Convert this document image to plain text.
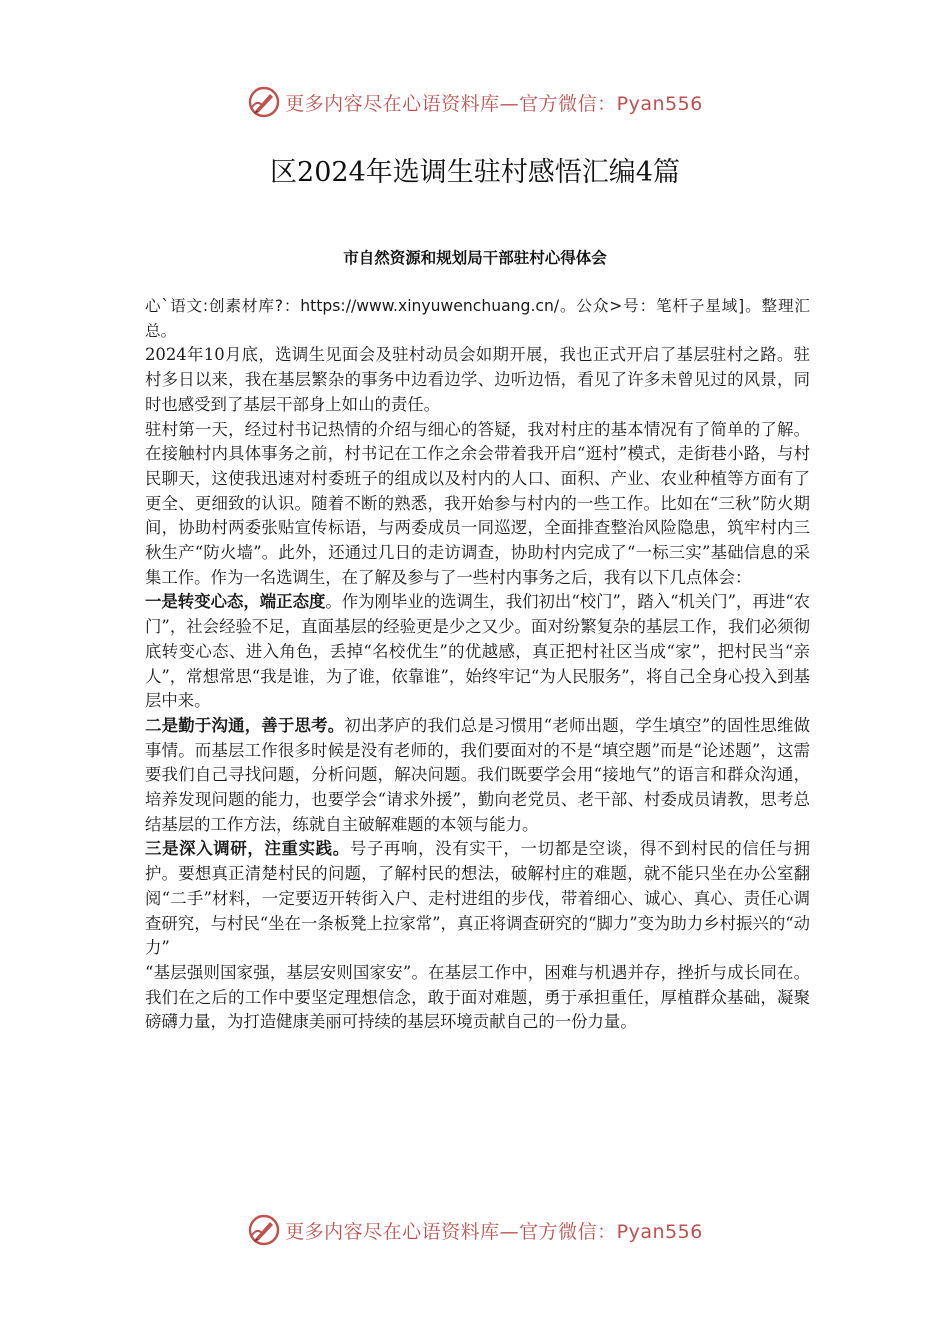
更多内容尽在心语资料库—官方微信：Pyan556
区2024年选调生驻村感悟汇编4篇
市自然资源和规划局干部驻村心得体会

心`语文:创素材库?：https://www.xinyuwenchuang.cn/。公众>号：笔杆子星域]。整理汇总。

2024年10月底，选调生见面会及驻村动员会如期开展，我也正式开启了基层驻村之路。驻村多日以来，我在基层繁杂的事务中边看边学、边听边悟，看见了许多未曾见过的风景，同时也感受到了基层干部身上如山的责任。

驻村第一天，经过村书记热情的介绍与细心的答疑，我对村庄的基本情况有了简单的了解。在接触村内具体事务之前，村书记在工作之余会带着我开启“逛村”模式，走街巷小路，与村民聊天，这使我迅速对村委班子的组成以及村内的人口、面积、产业、农业种植等方面有了更全、更细致的认识。随着不断的熟悉，我开始参与村内的一些工作。比如在“三秋”防火期间，协助村两委张贴宣传标语，与两委成员一同巡逻，全面排查整治风险隐患，筑牢村内三秋生产“防火墙”。此外，还通过几日的走访调查，协助村内完成了“一标三实”基础信息的采集工作。作为一名选调生，在了解及参与了一些村内事务之后，我有以下几点体会：

一是转变心态，端正态度。作为刚毕业的选调生，我们初出“校门”，踏入“机关门”，再进“农门”，社会经验不足，直面基层的经验更是少之又少。面对纷繁复杂的基层工作，我们必须彻底转变心态、进入角色，丢掉“名校优生”的优越感，真正把村社区当成“家”，把村民当“亲人”，常想常思“我是谁，为了谁，依靠谁”，始终牢记“为人民服务”，将自己全身心投入到基层中来。

二是勤于沟通，善于思考。初出茅庐的我们总是习惯用“老师出题，学生填空”的固性思维做事情。而基层工作很多时候是没有老师的，我们要面对的不是“填空题”而是“论述题”，这需要我们自己寻找问题，分析问题，解决问题。我们既要学会用“接地气”的语言和群众沟通，培养发现问题的能力，也要学会“请求外援”，勤向老党员、老干部、村委成员请教，思考总结基层的工作方法，练就自主破解难题的本领与能力。

三是深入调研，注重实践。号子再响，没有实干，一切都是空谈，得不到村民的信任与拥护。要想真正清楚村民的问题，了解村民的想法，破解村庄的难题，就不能只坐在办公室翻阅“二手”材料，一定要迈开转街入户、走村进组的步伐，带着细心、诚心、真心、责任心调查研究，与村民“坐在一条板凳上拉家常”，真正将调查研究的“脚力”变为助力乡村振兴的“动力”

“基层强则国家强，基层安则国家安”。在基层工作中，困难与机遇并存，挫折与成长同在。我们在之后的工作中要坚定理想信念，敢于面对难题，勇于承担重任，厚植群众基础，凝聚磅礴力量，为打造健康美丽可持续的基层环境贡献自己的一份力量。

更多内容尽在心语资料库—官方微信：Pyan556
